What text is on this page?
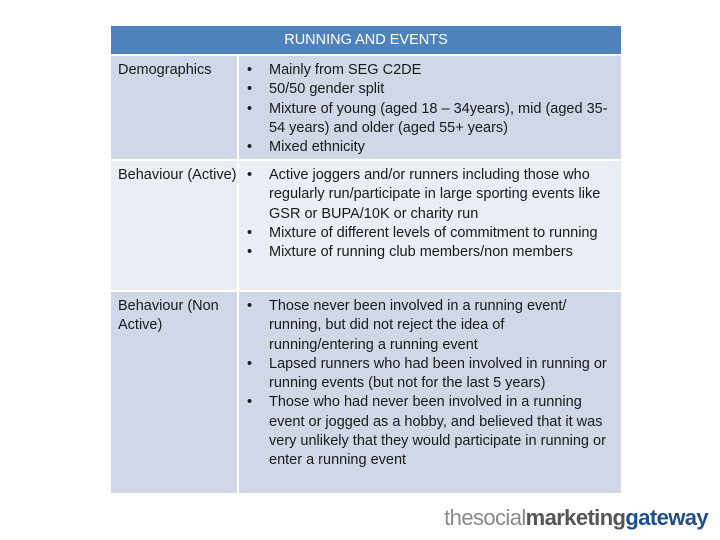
RUNNING AND EVENTS
Demographics	•	Mainly from SEG C2DE
•	50/50 gender split
•	Mixture of young (aged 18 – 34years), mid (aged 35-54 years) and older (aged 55+ years)
•	Mixed ethnicity
Behaviour (Active) •	Active joggers and/or runners including those who regularly run/participate in large sporting events like GSR or BUPA/10K or charity run
•	Mixture of different levels of commitment to running
•	Mixture of running club members/non members
Behaviour (Non Active)
•	Those never been involved in a running event/ running, but did not reject the idea of running/entering a running event
•	Lapsed runners who had been involved in running or running events (but not for the last 5 years)
•	Those who had never been involved in a running event or jogged as a hobby, and believed that it was very unlikely that they would participate in running or enter a running event
thesocialmarketinggateway
